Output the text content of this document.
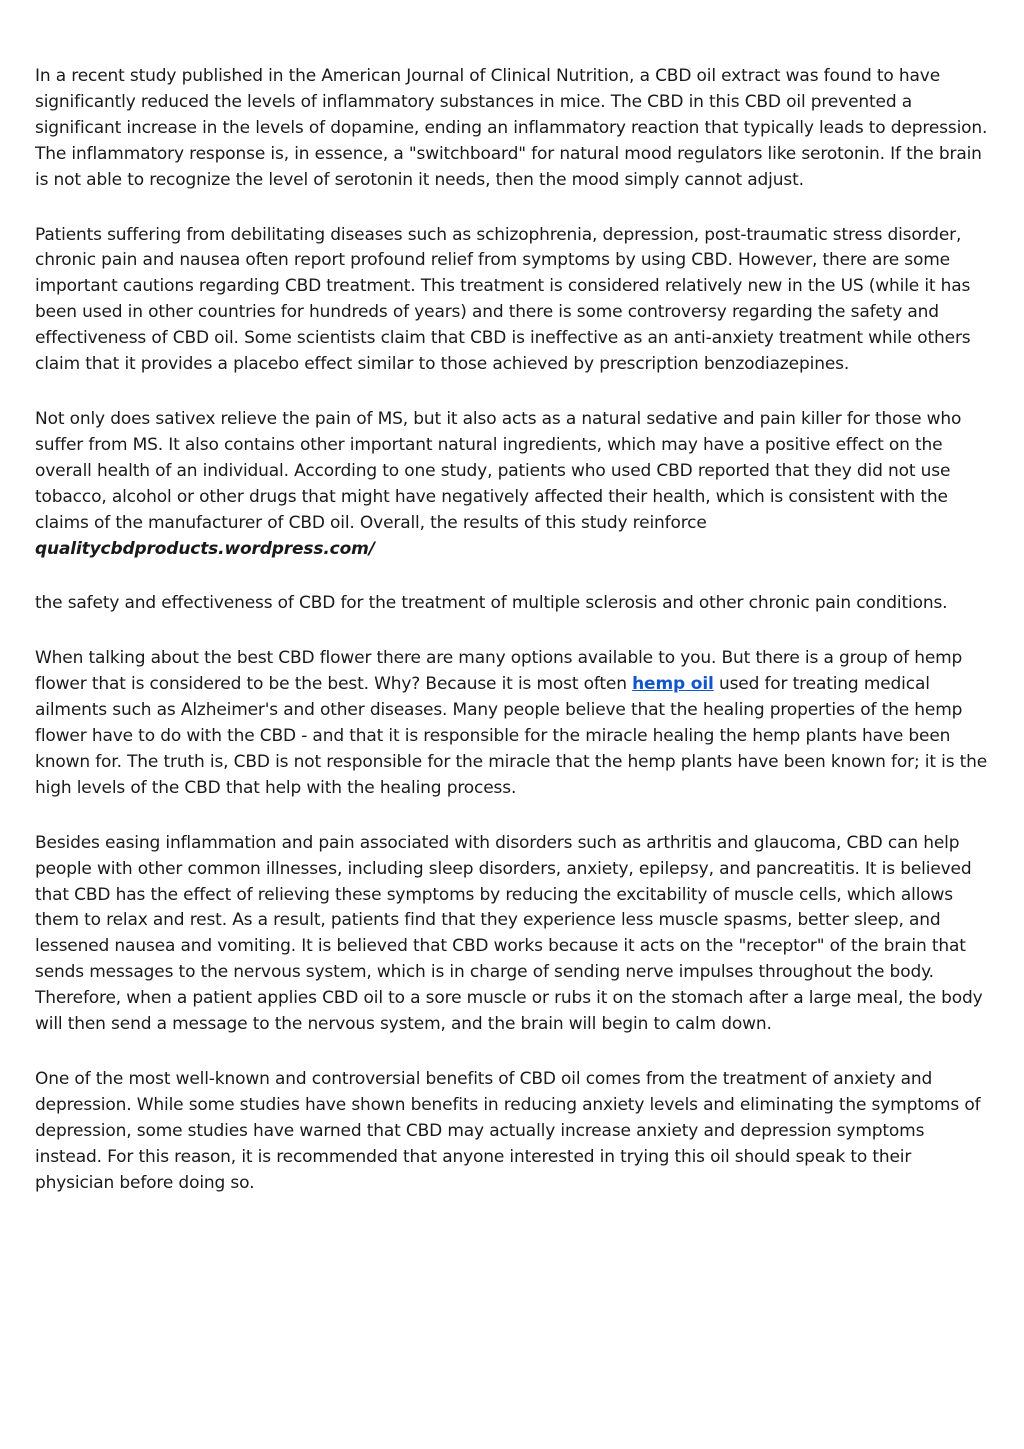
In a recent study published in the American Journal of Clinical Nutrition, a CBD oil extract was found to have significantly reduced the levels of inflammatory substances in mice. The CBD in this CBD oil prevented a significant increase in the levels of dopamine, ending an inflammatory reaction that typically leads to depression. The inflammatory response is, in essence, a "switchboard" for natural mood regulators like serotonin. If the brain is not able to recognize the level of serotonin it needs, then the mood simply cannot adjust.

Patients suffering from debilitating diseases such as schizophrenia, depression, post-traumatic stress disorder, chronic pain and nausea often report profound relief from symptoms by using CBD. However, there are some important cautions regarding CBD treatment. This treatment is considered relatively new in the US (while it has been used in other countries for hundreds of years) and there is some controversy regarding the safety and effectiveness of CBD oil. Some scientists claim that CBD is ineffective as an anti-anxiety treatment while others claim that it provides a placebo effect similar to those achieved by prescription benzodiazepines.

Not only does sativex relieve the pain of MS, but it also acts as a natural sedative and pain killer for those who suffer from MS. It also contains other important natural ingredients, which may have a positive effect on the overall health of an individual. According to one study, patients who used CBD reported that they did not use tobacco, alcohol or other drugs that might have negatively affected their health, which is consistent with the claims of the manufacturer of CBD oil. Overall, the results of this study reinforce
qualitycbdproducts.wordpress.com/

the safety and effectiveness of CBD for the treatment of multiple sclerosis and other chronic pain conditions.

When talking about the best CBD flower there are many options available to you. But there is a group of hemp flower that is considered to be the best. Why? Because it is most often hemp oil used for treating medical ailments such as Alzheimer's and other diseases. Many people believe that the healing properties of the hemp flower have to do with the CBD - and that it is responsible for the miracle healing the hemp plants have been known for. The truth is, CBD is not responsible for the miracle that the hemp plants have been known for; it is the high levels of the CBD that help with the healing process.

Besides easing inflammation and pain associated with disorders such as arthritis and glaucoma, CBD can help people with other common illnesses, including sleep disorders, anxiety, epilepsy, and pancreatitis. It is believed that CBD has the effect of relieving these symptoms by reducing the excitability of muscle cells, which allows them to relax and rest. As a result, patients find that they experience less muscle spasms, better sleep, and lessened nausea and vomiting. It is believed that CBD works because it acts on the "receptor" of the brain that sends messages to the nervous system, which is in charge of sending nerve impulses throughout the body. Therefore, when a patient applies CBD oil to a sore muscle or rubs it on the stomach after a large meal, the body will then send a message to the nervous system, and the brain will begin to calm down.

One of the most well-known and controversial benefits of CBD oil comes from the treatment of anxiety and depression. While some studies have shown benefits in reducing anxiety levels and eliminating the symptoms of depression, some studies have warned that CBD may actually increase anxiety and depression symptoms instead. For this reason, it is recommended that anyone interested in trying this oil should speak to their physician before doing so.
